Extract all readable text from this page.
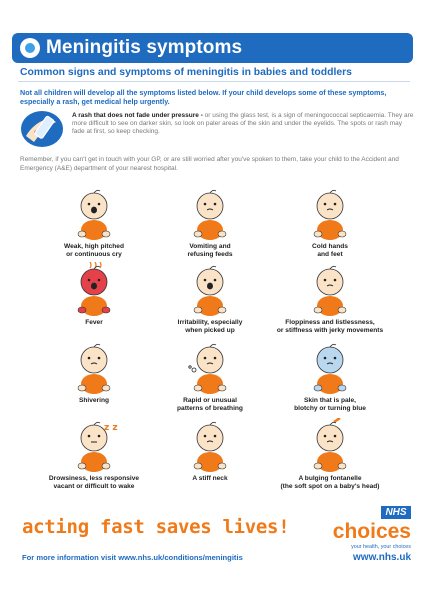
Meningitis symptoms
Common signs and symptoms of meningitis in babies and toddlers
Not all children will develop all the symptoms listed below. If your child develops some of these symptoms, especially a rash, get medical help urgently.
A rash that does not fade under pressure - or using the glass test, is a sign of meningococcal septicaemia. They are more difficult to see on darker skin, so look on paler areas of the skin and under the eyelids. The spots or rash may fade at first, so keep checking.
Remember, if you can't get in touch with your GP, or are still worried after you've spoken to them, take your child to the Accident and Emergency (A&E) department of your nearest hospital.
Weak, high pitched
or continuous cry
Vomiting and
refusing feeds
Cold hands
and feet
Fever	Irritability, especially
when picked up
Floppiness and listlessness,
or stiffness with jerky movements
Shivering	Rapid or unusual
patterns of breathing
Skin that is pale,
blotchy or turning blue
z z
Drowsiness, less responsive
vacant or difficult to wake
A stiff neck	A bulging fontanelle
(the soft spot on a baby's head)
acting fast saves lives!
For more information visit www.nhs.uk/conditions/meningitis
NHS
choices
your health, your choices
www.nhs.uk
